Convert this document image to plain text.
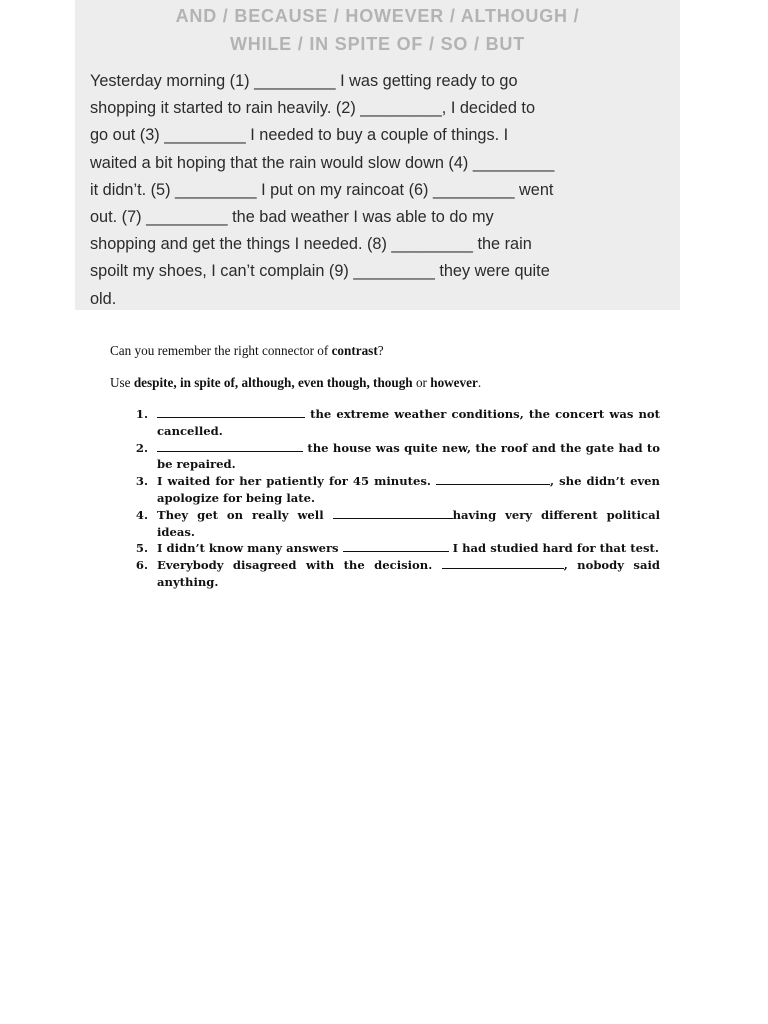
AND / BECAUSE / HOWEVER / ALTHOUGH /
WHILE / IN SPITE OF / SO / BUT
Yesterday morning (1) _________ I was getting ready to go
shopping it started to rain heavily. (2) _________, I decided to
go out (3) _________ I needed to buy a couple of things. I
waited a bit hoping that the rain would slow down (4) _________
it didn’t. (5) _________ I put on my raincoat (6) _________ went
out. (7) _________ the bad weather I was able to do my
shopping and get the things I needed. (8) _________ the rain
spoilt my shoes, I can’t complain (9) _________ they were quite
old.

Can you remember the right connector of contrast?

Use despite, in spite of, although, even though, though or however.

1.	the extreme weather conditions, the concert was not cancelled.
2.	the house was quite new, the roof and the gate had to be repaired.
3. I waited for her patiently for 45 minutes.	, she didn’t even apologize for being late.
4. They get on really well	having very different political ideas.
5. I didn’t know many answers	I had studied hard for that test.
6. Everybody disagreed with the decision.	, nobody said anything.
